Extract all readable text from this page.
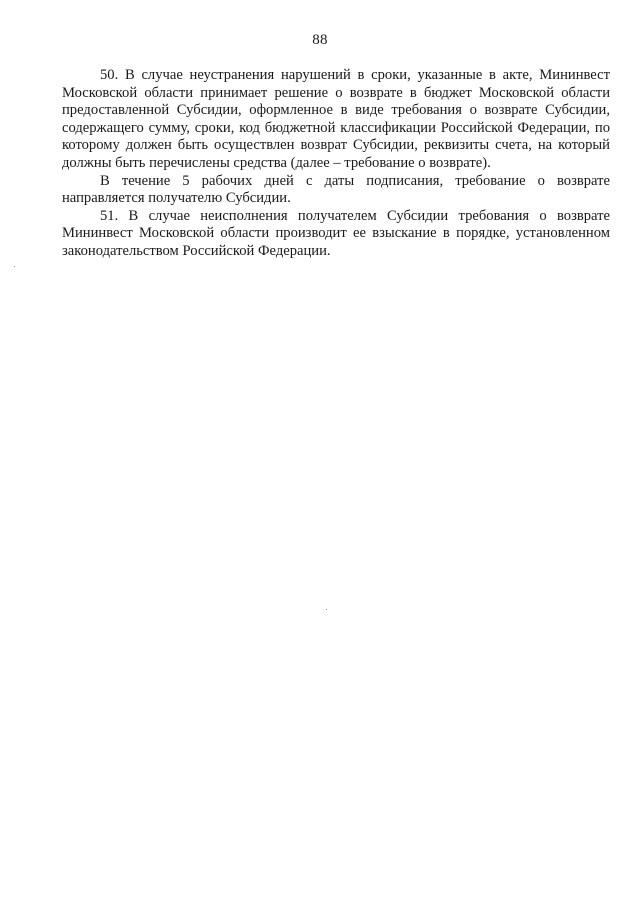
88

50. В случае неустранения нарушений в сроки, указанные в акте, Мининвест Московской области принимает решение о возврате в бюджет Московской области предоставленной Субсидии, оформленное в виде требования о возврате Субсидии, содержащего сумму, сроки, код бюджетной классификации Российской Федерации, по которому должен быть осуществлен возврат Субсидии, реквизиты счета, на который должны быть перечислены средства (далее – требование о возврате).

В течение 5 рабочих дней с даты подписания, требование о возврате направляется получателю Субсидии.

51. В случае неисполнения получателем Субсидии требования о возврате Мининвест Московской области производит ее взыскание в порядке, установленном законодательством Российской Федерации.
